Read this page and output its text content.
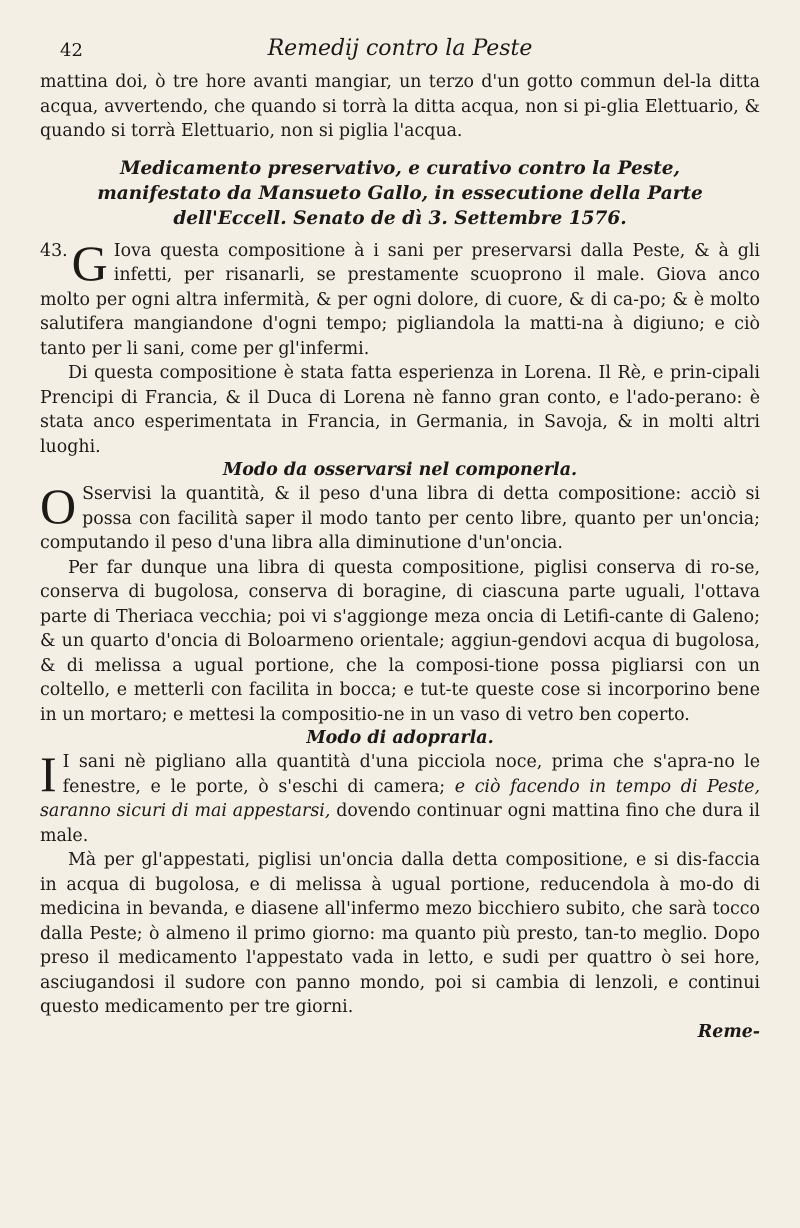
42	Remedij contro la Peste

mattina doi, ò tre hore avanti mangiar, un terzo d'un gotto commun del-la ditta acqua, avvertendo, che quando si torrà la ditta acqua, non si pi-glia Elettuario, & quando si torrà Elettuario, non si piglia l'acqua.

Medicamento preservativo, e curativo contro la Peste, manifestato da Mansueto Gallo, in essecutione della Parte dell'Eccell. Senato de dì 3. Settembre 1576.
43. G Iova questa compositione à i sani per preservarsi dalla Peste, & à gli infetti, per risanarli, se prestamente scuoprono il male. Giova anco molto per ogni altra infermità, & per ogni dolore, di cuore, & di ca-po; & è molto salutifera mangiandone d'ogni tempo; pigliandola la matti-na à digiuno; e ciò tanto per li sani, come per gl'infermi.

Di questa compositione è stata fatta esperienza in Lorena. Il Rè, e prin-cipali Prencipi di Francia, & il Duca di Lorena nè fanno gran conto, e l'ado-perano: è stata anco esperimentata in Francia, in Germania, in Savoja, & in molti altri luoghi.

Modo da osservarsi nel componerla.
O Sservisi la quantità, & il peso d'una libra di detta compositione: acciò si possa con facilità saper il modo tanto per cento libre, quanto per un'oncia; computando il peso d'una libra alla diminutione d'un'oncia.

Per far dunque una libra di questa compositione, piglisi conserva di ro-se, conserva di bugolosa, conserva di boragine, di ciascuna parte uguali, l'ottava parte di Theriaca vecchia; poi vi s'aggionge meza oncia di Letifi-cante di Galeno; & un quarto d'oncia di Boloarmeno orientale; aggiun-gendovi acqua di bugolosa, & di melissa a ugual portione, che la composi-tione possa pigliarsi con un coltello, e metterli con facilita in bocca; e tut-te queste cose si incorporino bene in un mortaro; e mettesi la compositio-ne in un vaso di vetro ben coperto.

Modo di adoprarla.
I I sani nè pigliano alla quantità d'una picciola noce, prima che s'apra-no le fenestre, e le porte, ò s'eschi di camera; e ciò facendo in tempo di Peste, saranno sicuri di mai appestarsi, dovendo continuar ogni mattina fino che dura il male.

Mà per gl'appestati, piglisi un'oncia dalla detta compositione, e si dis-faccia in acqua di bugolosa, e di melissa à ugual portione, reducendola à mo-do di medicina in bevanda, e diasene all'infermo mezo bicchiero subito, che sarà tocco dalla Peste; ò almeno il primo giorno: ma quanto più presto, tan-to meglio. Dopo preso il medicamento l'appestato vada in letto, e sudi per quattro ò sei hore, asciugandosi il sudore con panno mondo, poi si cambia di lenzoli, e continui questo medicamento per tre giorni.

Reme-
